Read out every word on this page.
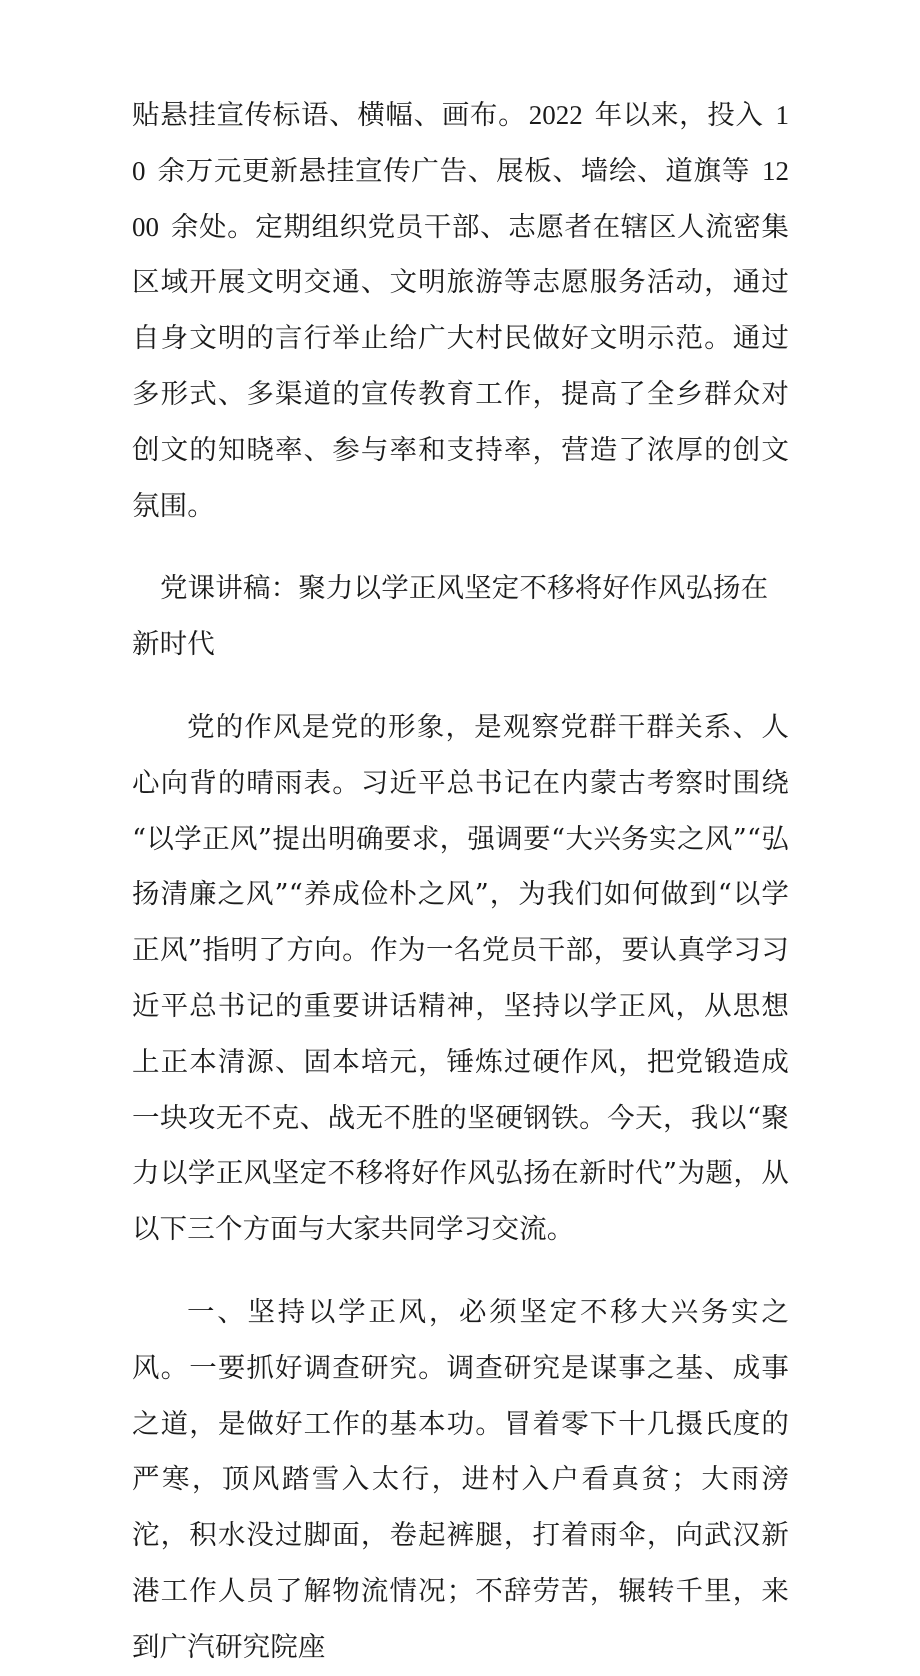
贴悬挂宣传标语、横幅、画布。2022 年以来，投入 10 余万元更新悬挂宣传广告、展板、墙绘、道旗等 1200 余处。定期组织党员干部、志愿者在辖区人流密集区域开展文明交通、文明旅游等志愿服务活动，通过自身文明的言行举止给广大村民做好文明示范。通过多形式、多渠道的宣传教育工作，提高了全乡群众对创文的知晓率、参与率和支持率，营造了浓厚的创文氛围。

党课讲稿：聚力以学正风坚定不移将好作风弘扬在新时代

党的作风是党的形象，是观察党群干群关系、人心向背的晴雨表。习近平总书记在内蒙古考察时围绕“以学正风”提出明确要求，强调要“大兴务实之风”“弘扬清廉之风”“养成俭朴之风”，为我们如何做到“以学正风”指明了方向。作为一名党员干部，要认真学习习近平总书记的重要讲话精神，坚持以学正风，从思想上正本清源、固本培元，锤炼过硬作风，把党锻造成一块攻无不克、战无不胜的坚硬钢铁。今天，我以“聚力以学正风坚定不移将好作风弘扬在新时代”为题，从以下三个方面与大家共同学习交流。

一、坚持以学正风，必须坚定不移大兴务实之风。一要抓好调查研究。调查研究是谋事之基、成事之道，是做好工作的基本功。冒着零下十几摄氏度的严寒，顶风踏雪入太行，进村入户看真贫；大雨滂沱，积水没过脚面，卷起裤腿，打着雨伞，向武汉新港工作人员了解物流情况；不辞劳苦，辗转千里，来到广汽研究院座
